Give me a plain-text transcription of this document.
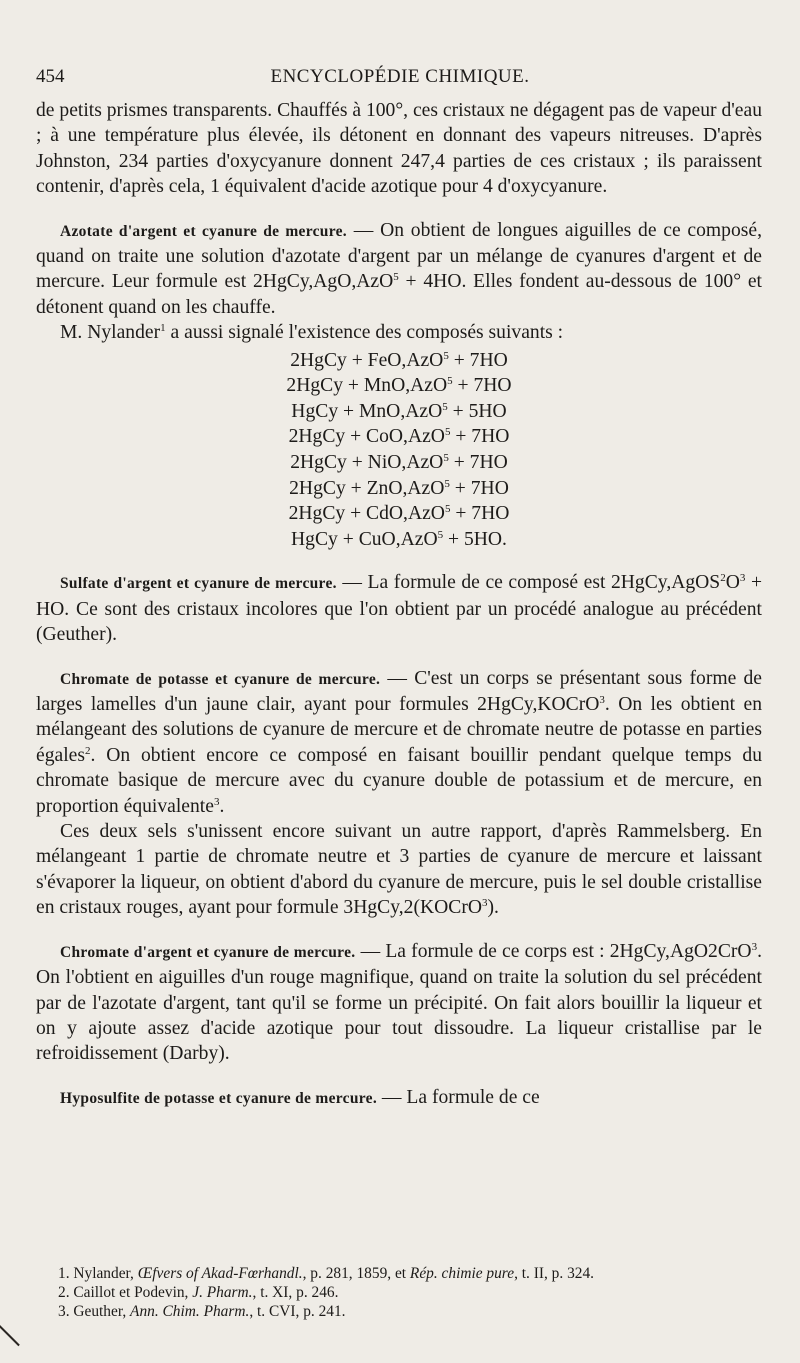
454	ENCYCLOPÉDIE CHIMIQUE.

de petits prismes transparents. Chauffés à 100°, ces cristaux ne dégagent pas de vapeur d'eau ; à une température plus élevée, ils détonent en donnant des vapeurs nitreuses. D'après Johnston, 234 parties d'oxycyanure donnent 247,4 parties de ces cristaux ; ils paraissent contenir, d'après cela, 1 équivalent d'acide azotique pour 4 d'oxycyanure.

Azotate d'argent et cyanure de mercure. — On obtient de longues aiguilles de ce composé, quand on traite une solution d'azotate d'argent par un mélange de cyanures d'argent et de mercure. Leur formule est 2HgCy,AgO,AzO$^5$ + 4HO. Elles fondent au-dessous de 100° et détonent quand on les chauffe.

M. Nylander$^1$ a aussi signalé l'existence des composés suivants :

2HgCy + FeO,AzO$^5$ + 7HO
2HgCy + MnO,AzO$^5$ + 7HO
HgCy + MnO,AzO$^5$ + 5HO
2HgCy + CoO,AzO$^5$ + 7HO
2HgCy + NiO,AzO$^5$ + 7HO
2HgCy + ZnO,AzO$^5$ + 7HO
2HgCy + CdO,AzO$^5$ + 7HO
HgCy + CuO,AzO$^5$ + 5HO.

Sulfate d'argent et cyanure de mercure. — La formule de ce composé est $2HgCy,AgOS^2O^3$ + HO. Ce sont des cristaux incolores que l'on obtient par un procédé analogue au précédent (Geuther).

Chromate de potasse et cyanure de mercure. — C'est un corps se présentant sous forme de larges lamelles d'un jaune clair, ayant pour formules 2HgCy,KOCrO$^3$. On les obtient en mélangeant des solutions de cyanure de mercure et de chromate neutre de potasse en parties égales$^2$. On obtient encore ce composé en faisant bouillir pendant quelque temps du chromate basique de mercure avec du cyanure double de potassium et de mercure, en proportion équivalente$^3$.

Ces deux sels s'unissent encore suivant un autre rapport, d'après Rammelsberg. En mélangeant 1 partie de chromate neutre et 3 parties de cyanure de mercure et laissant s'évaporer la liqueur, on obtient d'abord du cyanure de mercure, puis le sel double cristallise en cristaux rouges, ayant pour formule 3HgCy,2(KOCrO$^3$).

Chromate d'argent et cyanure de mercure. — La formule de ce corps est : 2HgCy,AgO2CrO$^3$. On l'obtient en aiguilles d'un rouge magnifique, quand on traite la solution du sel précédent par de l'azotate d'argent, tant qu'il se forme un précipité. On fait alors bouillir la liqueur et on y ajoute assez d'acide azotique pour tout dissoudre. La liqueur cristallise par le refroidissement (Darby).

Hyposulfite de potasse et cyanure de mercure. — La formule de ce

1. Nylander, Œfvers of Akad-Fœrhandl., p. 281, 1859, et Rép. chimie pure, t. II, p. 324.
2. Caillot et Podevin, J. Pharm., t. XI, p. 246.
3. Geuther, Ann. Chim. Pharm., t. CVI, p. 241.
